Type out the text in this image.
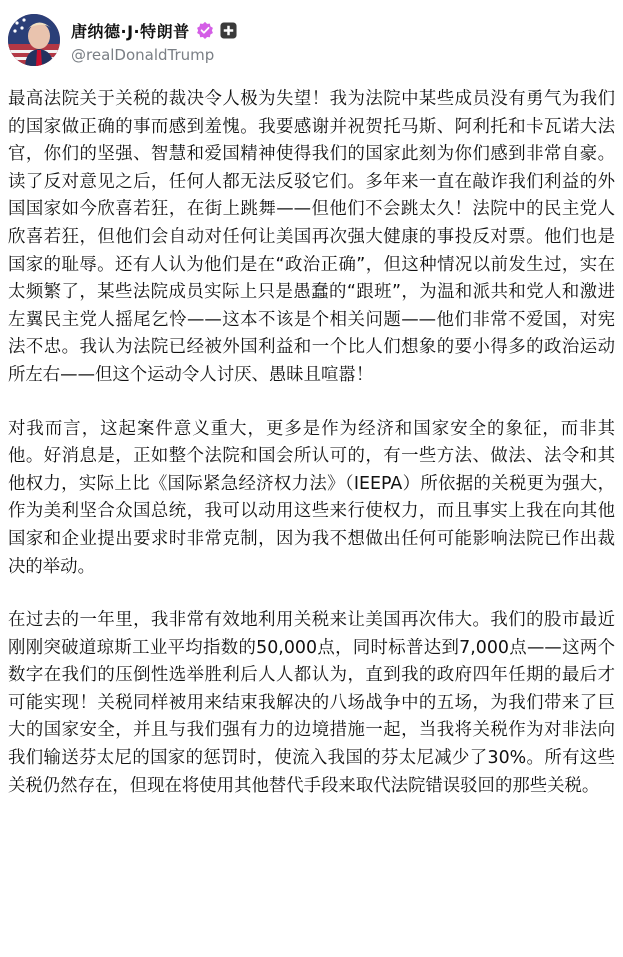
唐纳德·J·特朗普
@realDonaldTrump

最高法院关于关税的裁决令人极为失望！我为法院中某些成员没有勇气为我们的国家做正确的事而感到羞愧。我要感谢并祝贺托马斯、阿利托和卡瓦诺大法官，你们的坚强、智慧和爱国精神使得我们的国家此刻为你们感到非常自豪。读了反对意见之后，任何人都无法反驳它们。多年来一直在敲诈我们利益的外国国家如今欣喜若狂，在街上跳舞——但他们不会跳太久！法院中的民主党人欣喜若狂，但他们会自动对任何让美国再次强大健康的事投反对票。他们也是国家的耻辱。还有人认为他们是在“政治正确”，但这种情况以前发生过，实在太频繁了，某些法院成员实际上只是愚蠢的“跟班”，为温和派共和党人和激进左翼民主党人摇尾乞怜——这本不该是个相关问题——他们非常不爱国，对宪法不忠。我认为法院已经被外国利益和一个比人们想象的要小得多的政治运动所左右——但这个运动令人讨厌、愚昧且喧嚣！

对我而言，这起案件意义重大，更多是作为经济和国家安全的象征，而非其他。好消息是，正如整个法院和国会所认可的，有一些方法、做法、法令和其他权力，实际上比《国际紧急经济权力法》（IEEPA）所依据的关税更为强大，作为美利坚合众国总统，我可以动用这些来行使权力，而且事实上我在向其他国家和企业提出要求时非常克制，因为我不想做出任何可能影响法院已作出裁决的举动。

在过去的一年里，我非常有效地利用关税来让美国再次伟大。我们的股市最近刚刚突破道琼斯工业平均指数的50,000点，同时标普达到7,000点——这两个数字在我们的压倒性选举胜利后人人都认为，直到我的政府四年任期的最后才可能实现！关税同样被用来结束我解决的八场战争中的五场，为我们带来了巨大的国家安全，并且与我们强有力的边境措施一起，当我将关税作为对非法向我们输送芬太尼的国家的惩罚时，使流入我国的芬太尼减少了30%。所有这些关税仍然存在，但现在将使用其他替代手段来取代法院错误驳回的那些关税。
